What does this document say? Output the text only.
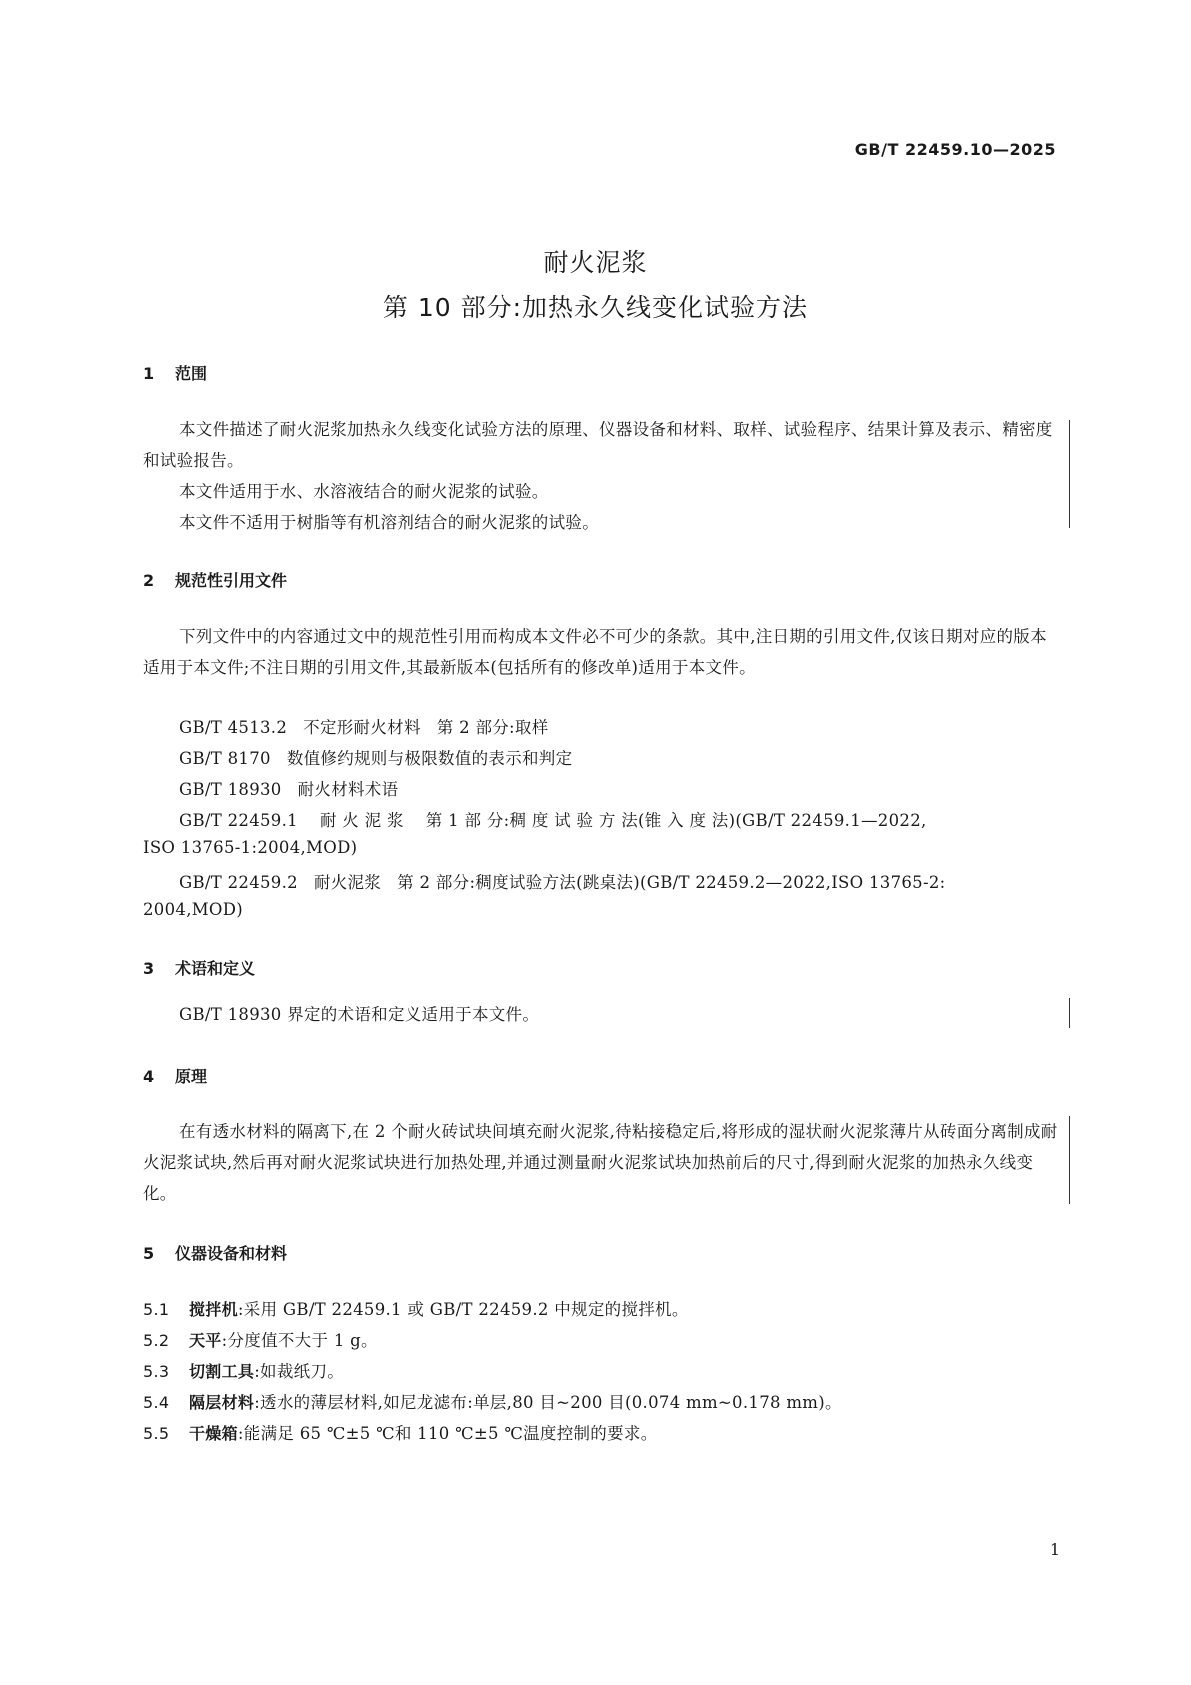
GB/T 22459.10—2025
耐火泥浆
第 10 部分:加热永久线变化试验方法
1 范围

本文件描述了耐火泥浆加热永久线变化试验方法的原理、仪器设备和材料、取样、试验程序、结果计算及表示、精密度和试验报告。

本文件适用于水、水溶液结合的耐火泥浆的试验。

本文件不适用于树脂等有机溶剂结合的耐火泥浆的试验。

2 规范性引用文件

下列文件中的内容通过文中的规范性引用而构成本文件必不可少的条款。其中,注日期的引用文件,仅该日期对应的版本适用于本文件;不注日期的引用文件,其最新版本(包括所有的修改单)适用于本文件。

GB/T 4513.2 不定形耐火材料 第 2 部分:取样
GB/T 8170 数值修约规则与极限数值的表示和判定
GB/T 18930 耐火材料术语
GB/T 22459.1 耐 火 泥 浆 第 1 部 分:稠 度 试 验 方 法(锥 入 度 法)(GB/T 22459.1—2022,
ISO 13765-1:2004,MOD)
GB/T 22459.2 耐火泥浆 第 2 部分:稠度试验方法(跳桌法)(GB/T 22459.2—2022,ISO 13765-2:
2004,MOD)
3 术语和定义

GB/T 18930 界定的术语和定义适用于本文件。

4 原理

在有透水材料的隔离下,在 2 个耐火砖试块间填充耐火泥浆,待粘接稳定后,将形成的湿状耐火泥浆薄片从砖面分离制成耐火泥浆试块,然后再对耐火泥浆试块进行加热处理,并通过测量耐火泥浆试块加热前后的尺寸,得到耐火泥浆的加热永久线变化。

5 仪器设备和材料
5.1 搅拌机:采用 GB/T 22459.1 或 GB/T 22459.2 中规定的搅拌机。
5.2 天平:分度值不大于 1 g。
5.3 切割工具:如裁纸刀。
5.4 隔层材料:透水的薄层材料,如尼龙滤布:单层,80 目~200 目(0.074 mm~0.178 mm)。
5.5 干燥箱:能满足 65 ℃±5 ℃和 110 ℃±5 ℃温度控制的要求。
1
